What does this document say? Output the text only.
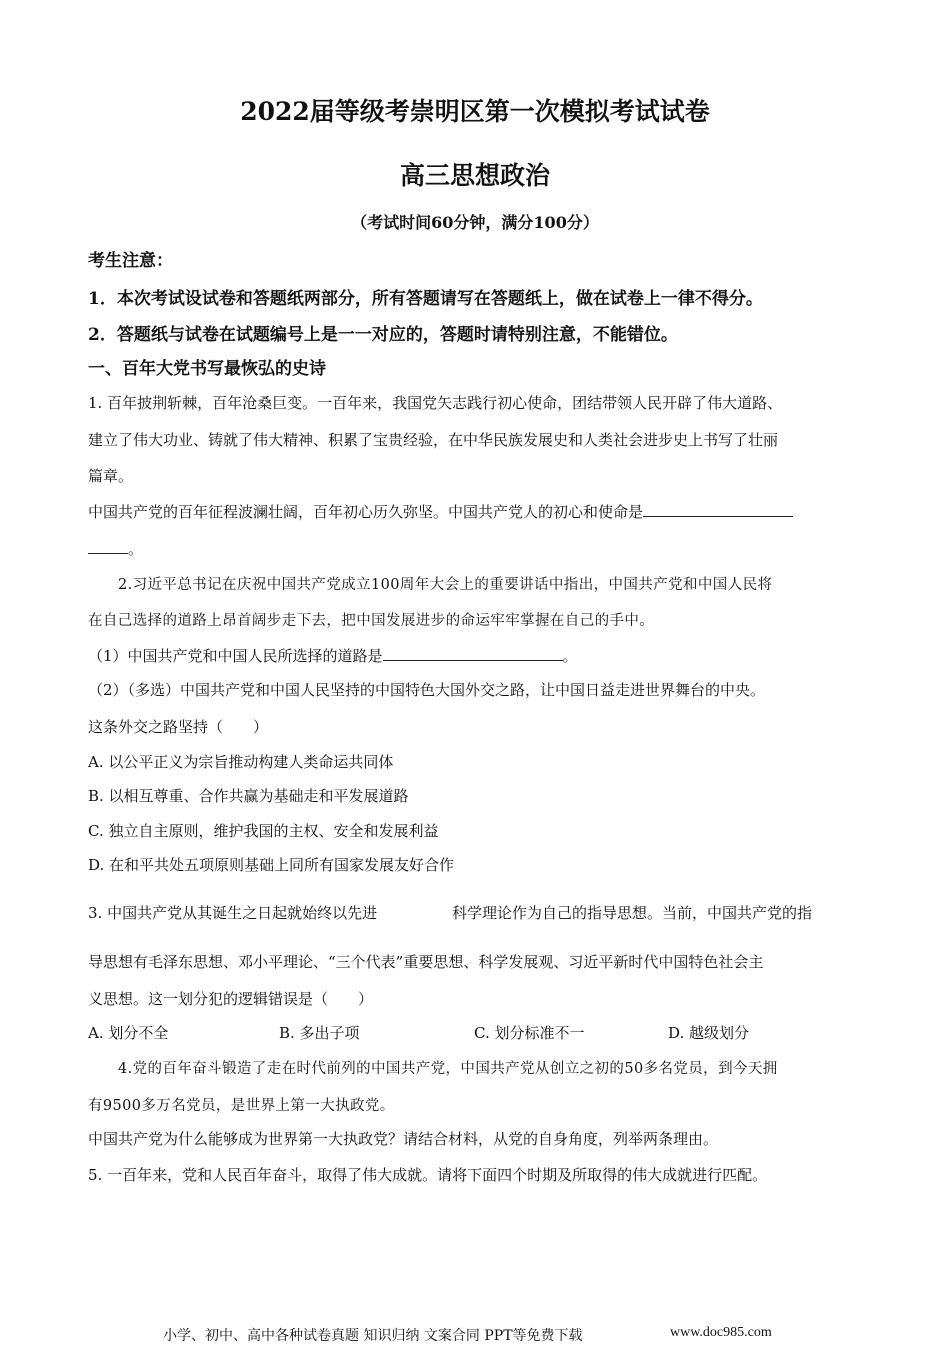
2022届等级考崇明区第一次模拟考试试卷
高三思想政治
（考试时间60分钟，满分100分）
考生注意：
1．本次考试设试卷和答题纸两部分，所有答题请写在答题纸上，做在试卷上一律不得分。
2．答题纸与试卷在试题编号上是一一对应的，答题时请特别注意，不能错位。
一、百年大党书写最恢弘的史诗
1. 百年披荆斩棘，百年沧桑巨变。一百年来，我国党矢志践行初心使命，团结带领人民开辟了伟大道路、
建立了伟大功业、铸就了伟大精神、积累了宝贵经验，在中华民族发展史和人类社会进步史上书写了壮丽
篇章。
中国共产党的百年征程波澜壮阔，百年初心历久弥坚。中国共产党人的初心和使命是
。
2.习近平总书记在庆祝中国共产党成立100周年大会上的重要讲话中指出，中国共产党和中国人民将
在自己选择的道路上昂首阔步走下去，把中国发展进步的命运牢牢掌握在自己的手中。
（1）中国共产党和中国人民所选择的道路是	。
（2）（多选）中国共产党和中国人民坚持的中国特色大国外交之路，让中国日益走进世界舞台的中央。
这条外交之路坚持（　　）
A. 以公平正义为宗旨推动构建人类命运共同体
B. 以相互尊重、合作共赢为基础走和平发展道路
C. 独立自主原则，维护我国的主权、安全和发展利益
D. 在和平共处五项原则基础上同所有国家发展友好合作
3. 中国共产党从其诞生之日起就始终以先进	科学理论作为自己的指导思想。当前，中国共产党的指
导思想有毛泽东思想、邓小平理论、“三个代表”重要思想、科学发展观、习近平新时代中国特色社会主
义思想。这一划分犯的逻辑错误是（　　）
A. 划分不全	B. 多出子项	C. 划分标准不一	D. 越级划分
4.党的百年奋斗锻造了走在时代前列的中国共产党，中国共产党从创立之初的50多名党员，到今天拥
有9500多万名党员，是世界上第一大执政党。
中国共产党为什么能够成为世界第一大执政党？请结合材料，从党的自身角度，列举两条理由。
5. 一百年来，党和人民百年奋斗，取得了伟大成就。请将下面四个时期及所取得的伟大成就进行匹配。
小学、初中、高中各种试卷真题 知识归纳 文案合同 PPT等免费下载	www.doc985.com
